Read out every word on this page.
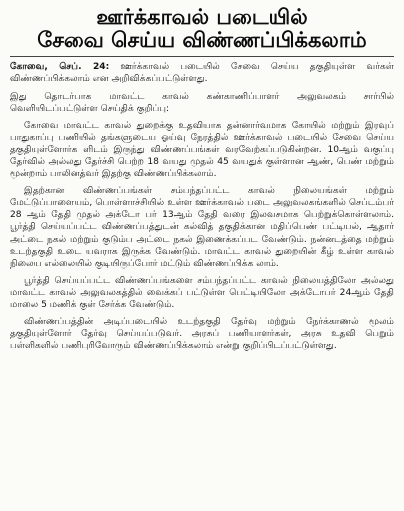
ஊர்க்காவல் படையில்
சேவை செய்ய விண்ணப்பிக்கலாம்

கோவை, செப். 24: ஊர்க்காவல் படையில் சேவை செய்ய தகுதியுள்ள வர்கள் விண்ணப்பிக்கலாம் என அறிவிக்கப்பட்டுள்ளது.

இது தொடர்பாக மாவட்ட காவல் கண்காணிப்பாளர் அலுவலகம் சார்பில் வெளியிடப்பட்டுள்ள செய்திக் குறிப்பு:

கோவை மாவட்ட காவல் துறைக்கு உதவியாக தன்னார்வமாக கோயில் மற்றும் இரவுப் பாதுகாப்பு பணியில் தங்களுடைய ஓய்வு நேரத்தில் ஊர்க்காவல் படையில் சேவை செய்ய தகுதியுள்ளோர்க ளிடம் இருந்து விண்ணப்பங்கள் வரவேற்கப்படுகின்றன. 10ஆம் வகுப்பு தேர்வில் அல்லது தேர்ச்சி பெற்ற 18 வயது முதல் 45 வயதுக் குள்ளான ஆண், பெண் மற்றும் மூன்றாம் பாலினத்வர் இதற்கு விண்ணப்பிக்கலாம்.

இதற்கான விண்ணப்பங்கள் சம்பந்தப்பட்ட காவல் நிலையங்கள் மற்றும் மேட்டுப்பாளையம், பொள்ளாச்சியில் உள்ள ஊர்க்காவல் படை அலுவலகங்களில் செப்டம்பர் 28 ஆம் தேதி முதல் அக்டோ பர் 13ஆம் தேதி வரை இலவசமாக பெற்றுக்கொள்ளலாம். பூர்த்தி செய்யப்பட்ட விண்ணப்பத்துடன் கல்வித் தகுதிக்கான மதிப்பெண் பட்டியல், ஆதார் அட்டை நகல் மற்றும் குடும்ப அட்டை நகல் இணைக்கப்பட வேண்டும். நன்னடத்தை மற்றும் உடற்தகுதி உடை யவராக இருக்க வேண்டும். மாவட்ட காவல் துறையின் கீழ் உள்ள காவல் நிலைய எல்லையில் குடியிருப்போர் மட்டும் விண்ணப்பிக்க லாம்.

பூர்த்தி செய்யப்பட்ட விண்ணப்பங்களை சம்பந்தப்பட்ட காவல் நிலையத்திலோ அல்லது மாவட்ட காவல் அலுவலகத்தில் வைக்கப் பட்டுள்ள பெட்டியிலோ அக்டோபர் 24ஆம் தேதி மாலை 5 மணிக் குள் சேர்க்க வேண்டும்.

விண்ணப்பத்தின் அடிப்படையில் உடற்தகுதி தேர்வு மற்றும் நேர்க்காணல் மூலம் தகுதியுள்ளோர் தேர்வு செய்யப்படுவர். அரசுப் பணியாளர்கள், அரசு உதவி பெறும் பள்ளிகளில் பணிபுரிவோரும் விண்ணப்பிக்கலாம் என்று குறிப்பிடப்பட்டுள்ளது.
